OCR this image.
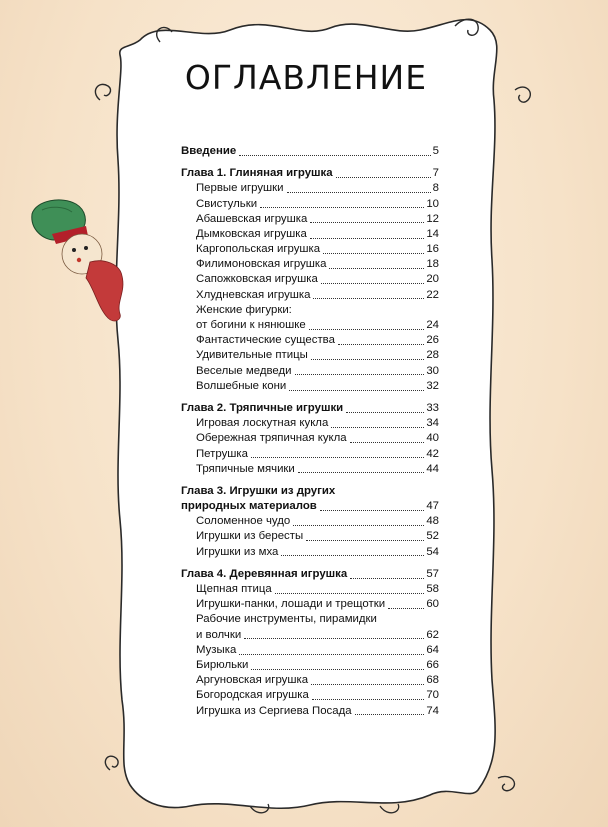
ОГЛАВЛЕНИЕ
Введение	5
Глава 1. Глиняная игрушка	7
Первые игрушки	8
Свистульки	10
Абашевская игрушка	12
Дымковская игрушка	14
Каргопольская игрушка	16
Филимоновская игрушка	18
Сапожковская игрушка	20
Хлудневская игрушка	22
Женские фигурки:
от богини к нянюшке	24
Фантастические существа	26
Удивительные птицы	28
Веселые медведи	30
Волшебные кони	32
Глава 2. Тряпичные игрушки	33
Игровая лоскутная кукла	34
Обережная тряпичная кукла	40
Петрушка	42
Тряпичные мячики	44
Глава 3. Игрушки из других
природных материалов	47
Соломенное чудо	48
Игрушки из бересты	52
Игрушки из мха	54
Глава 4. Деревянная игрушка	57
Щепная птица	58
Игрушки-панки, лошади и трещотки	60
Рабочие инструменты, пирамидки
и волчки	62
Музыка	64
Бирюльки	66
Аргуновская игрушка	68
Богородская игрушка	70
Игрушка из Сергиева Посада	74
